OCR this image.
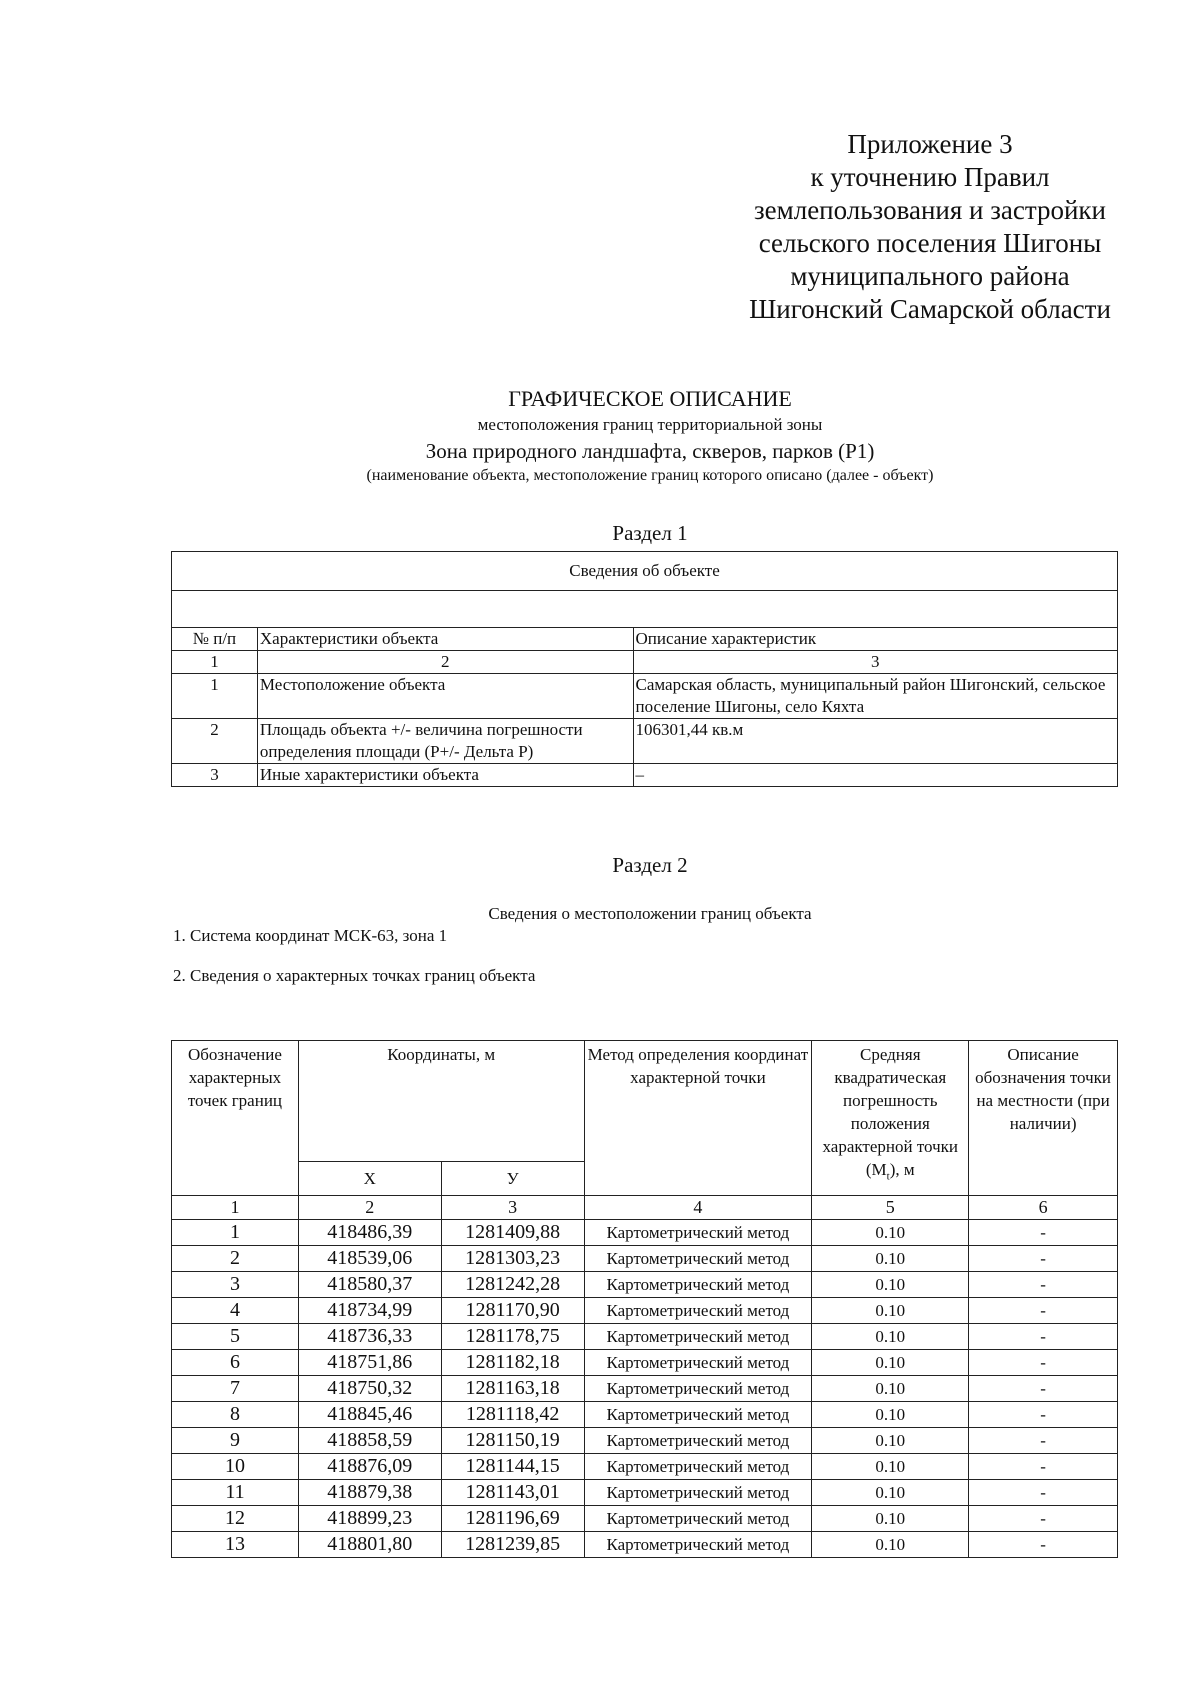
Приложение 3
к уточнению Правил
землепользования и застройки
сельского поселения Шигоны
муниципального района
Шигонский Самарской области
ГРАФИЧЕСКОЕ ОПИСАНИЕ
местоположения границ территориальной зоны
Зона природного ландшафта, скверов, парков (Р1)
(наименование объекта, местоположение границ которого описано (далее - объект)
Раздел 1
Сведения об объекте		

№ п/п	Характеристики объекта	Описание характеристик
1	2	3
1	Местоположение объекта	Самарская область, муниципальный район Шигонский, сельское поселение Шигоны, село Кяхта
2	Площадь объекта +/- величина погрешности определения площади (Р+/- Дельта Р)	106301,44 кв.м
3	Иные характеристики объекта	–
Раздел 2
Сведения о местоположении границ объекта
1. Система координат МСК-63, зона 1
2. Сведения о характерных точках границ объекта
Обозначение характерных точек границ	Координаты, м		Метод определения координат характерной точки	Средняя квадратическая погрешность положения характерной точки $(M_t)$, м	Описание обозначения точки на местности (при наличии)
	X	У			
1	2	3	4	5	6
1	418486,39	1281409,88	Картометрический метод	0.10	-
2	418539,06	1281303,23	Картометрический метод	0.10	-
3	418580,37	1281242,28	Картометрический метод	0.10	-
4	418734,99	1281170,90	Картометрический метод	0.10	-
5	418736,33	1281178,75	Картометрический метод	0.10	-
6	418751,86	1281182,18	Картометрический метод	0.10	-
7	418750,32	1281163,18	Картометрический метод	0.10	-
8	418845,46	1281118,42	Картометрический метод	0.10	-
9	418858,59	1281150,19	Картометрический метод	0.10	-
10	418876,09	1281144,15	Картометрический метод	0.10	-
11	418879,38	1281143,01	Картометрический метод	0.10	-
12	418899,23	1281196,69	Картометрический метод	0.10	-
13	418801,80	1281239,85	Картометрический метод	0.10	-
